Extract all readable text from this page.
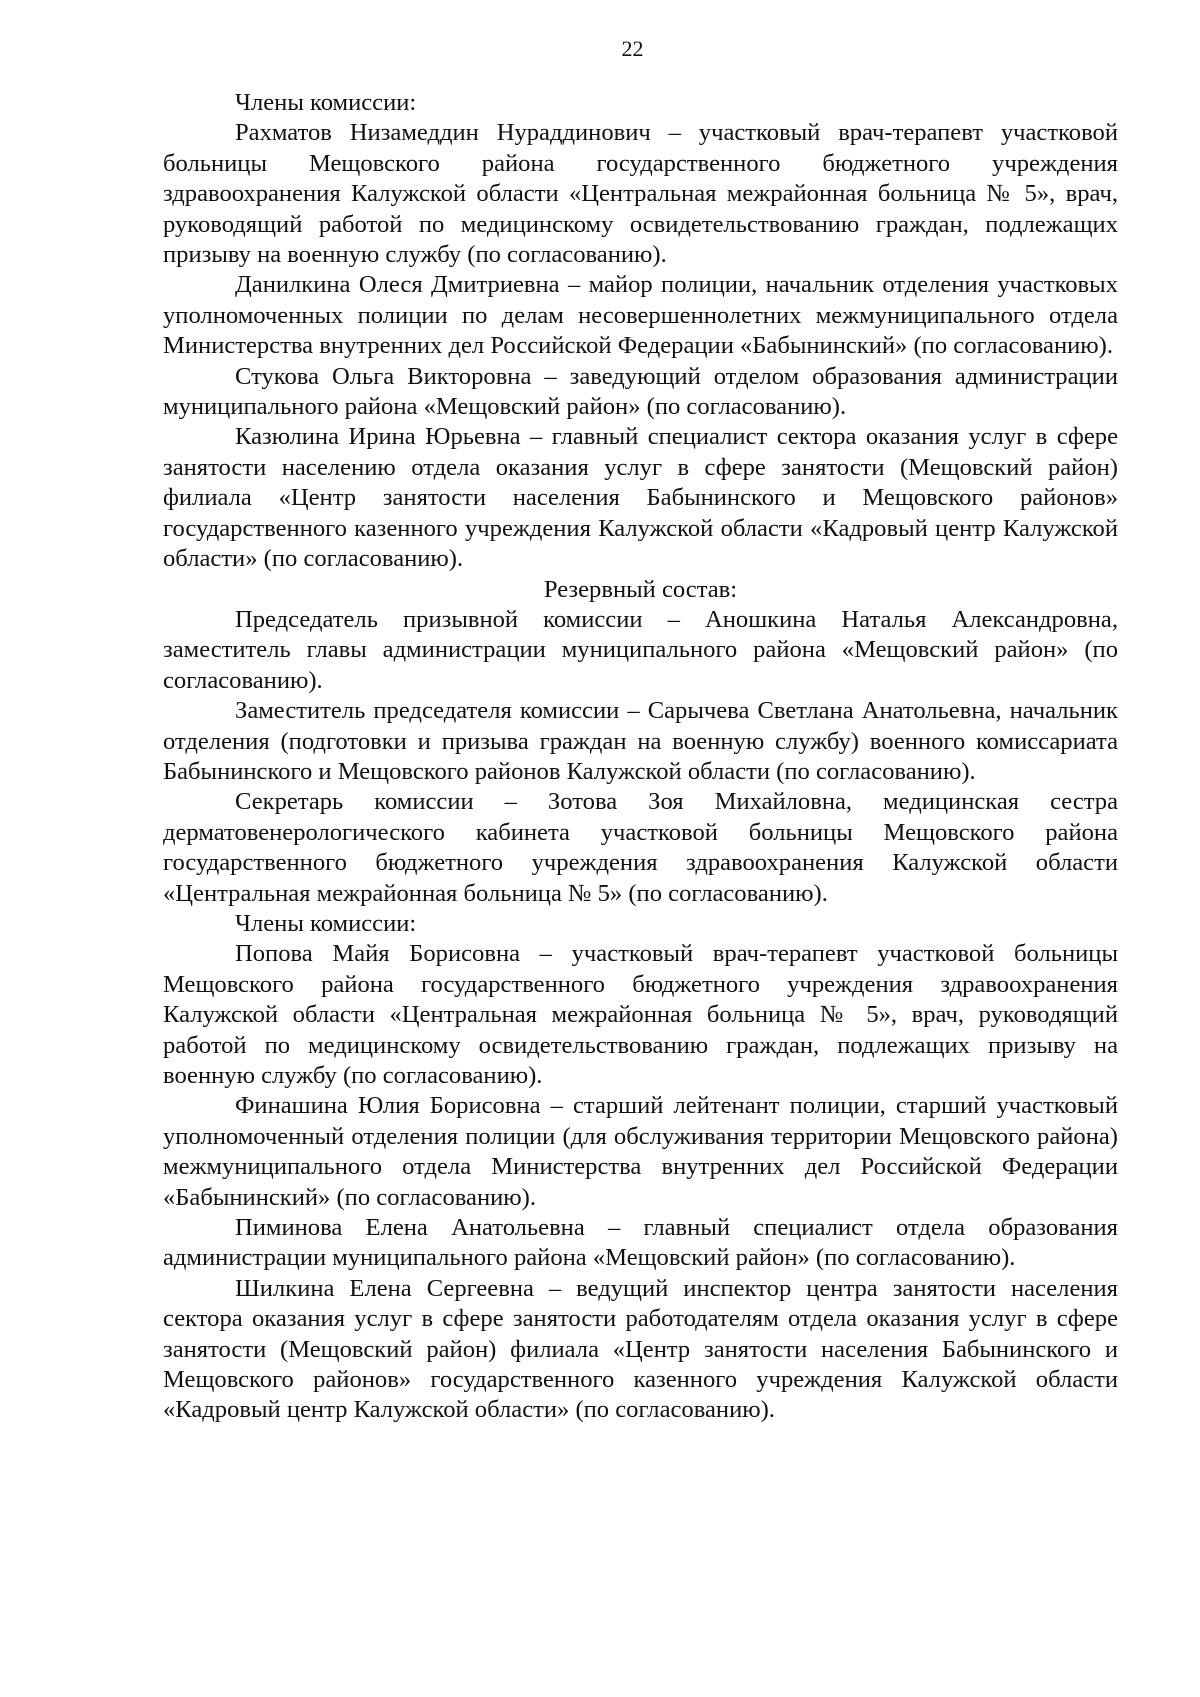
22

Члены комиссии:

Рахматов Низамеддин Нураддинович – участковый врач-терапевт участковой больницы Мещовского района государственного бюджетного учреждения здравоохранения Калужской области «Центральная межрайонная больница № 5», врач, руководящий работой по медицинскому освидетельствованию граждан, подлежащих призыву на военную службу (по согласованию).

Данилкина Олеся Дмитриевна – майор полиции, начальник отделения участковых уполномоченных полиции по делам несовершеннолетних межмуниципального отдела Министерства внутренних дел Российской Федерации «Бабынинский» (по согласованию).

Стукова Ольга Викторовна – заведующий отделом образования администрации муниципального района «Мещовский район» (по согласованию).

Казюлина Ирина Юрьевна – главный специалист сектора оказания услуг в сфере занятости населению отдела оказания услуг в сфере занятости (Мещовский район) филиала «Центр занятости населения Бабынинского и Мещовского районов» государственного казенного учреждения Калужской области «Кадровый центр Калужской области» (по согласованию).

Резервный состав:

Председатель призывной комиссии – Аношкина Наталья Александровна, заместитель главы администрации муниципального района «Мещовский район» (по согласованию).

Заместитель председателя комиссии – Сарычева Светлана Анатольевна, начальник отделения (подготовки и призыва граждан на военную службу) военного комиссариата Бабынинского и Мещовского районов Калужской области (по согласованию).

Секретарь комиссии – Зотова Зоя Михайловна, медицинская сестра дерматовенерологического кабинета участковой больницы Мещовского района государственного бюджетного учреждения здравоохранения Калужской области «Центральная межрайонная больница № 5» (по согласованию).

Члены комиссии:

Попова Майя Борисовна – участковый врач-терапевт участковой больницы Мещовского района государственного бюджетного учреждения здравоохранения Калужской области «Центральная межрайонная больница № 5», врач, руководящий работой по медицинскому освидетельствованию граждан, подлежащих призыву на военную службу (по согласованию).

Финашина Юлия Борисовна – старший лейтенант полиции, старший участковый уполномоченный отделения полиции (для обслуживания территории Мещовского района) межмуниципального отдела Министерства внутренних дел Российской Федерации «Бабынинский» (по согласованию).

Пиминова Елена Анатольевна – главный специалист отдела образования администрации муниципального района «Мещовский район» (по согласованию).

Шилкина Елена Сергеевна – ведущий инспектор центра занятости населения сектора оказания услуг в сфере занятости работодателям отдела оказания услуг в сфере занятости (Мещовский район) филиала «Центр занятости населения Бабынинского и Мещовского районов» государственного казенного учреждения Калужской области «Кадровый центр Калужской области» (по согласованию).
